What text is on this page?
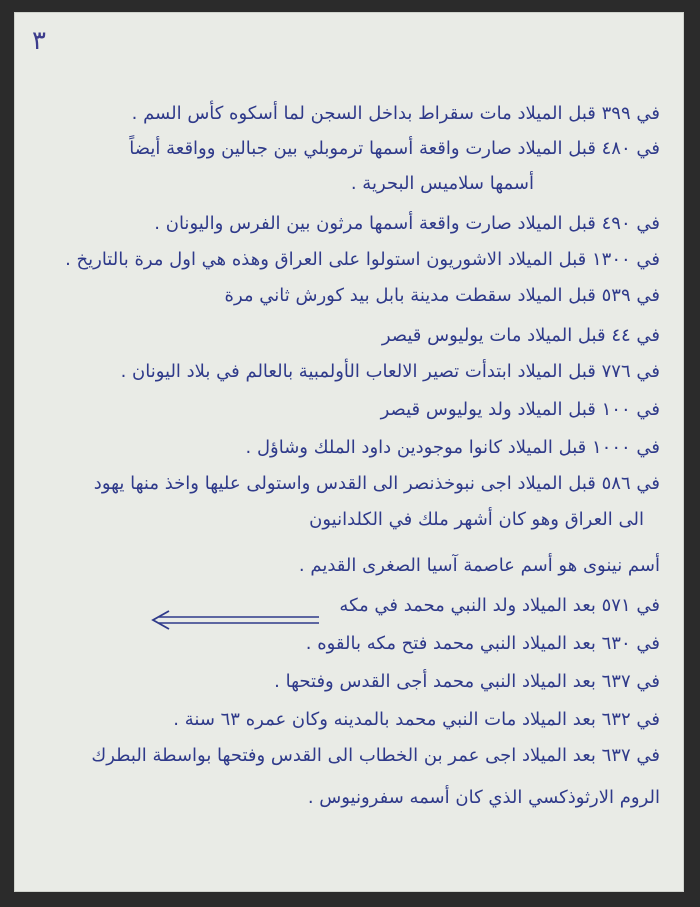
٣
في ٣٩٩ قبل الميلاد مات سقراط بداخل السجن لما أسكوه كأس السم .
في ٤٨٠ قبل الميلاد صارت واقعة أسمها ترموبلي بين جبالين وواقعة أيضاً
أسمها سلاميس البحرية .
في ٤٩٠ قبل الميلاد صارت واقعة أسمها مرثون بين الفرس واليونان .
في ١٣٠٠ قبل الميلاد الاشوريون استولوا على العراق وهذه هي اول مرة بالتاريخ .
في ٥٣٩ قبل الميلاد سقطت مدينة بابل بيد كورش ثاني مرة
في ٤٤ قبل الميلاد مات يوليوس قيصر
في ٧٧٦ قبل الميلاد ابتدأت تصير الالعاب الأولمبية بالعالم في بلاد اليونان .
في ١٠٠ قبل الميلاد ولد يوليوس قيصر
في ١٠٠٠ قبل الميلاد كانوا موجودين داود الملك وشاؤل .
في ٥٨٦ قبل الميلاد اجى نبوخذنصر الى القدس واستولى عليها واخذ منها يهود
الى العراق وهو كان أشهر ملك في الكلدانيون
أسم نينوى هو أسم عاصمة آسيا الصغرى القديم .
في ٥٧١ بعد الميلاد ولد النبي محمد في مكه
في ٦٣٠ بعد الميلاد النبي محمد فتح مكه بالقوه .
في ٦٣٧ بعد الميلاد النبي محمد أجى القدس وفتحها .
في ٦٣٢ بعد الميلاد مات النبي محمد بالمدينه وكان عمره ٦٣ سنة .
في ٦٣٧ بعد الميلاد اجى عمر بن الخطاب الى القدس وفتحها بواسطة البطرك
الروم الارثوذكسي الذي كان أسمه سفرونيوس .
